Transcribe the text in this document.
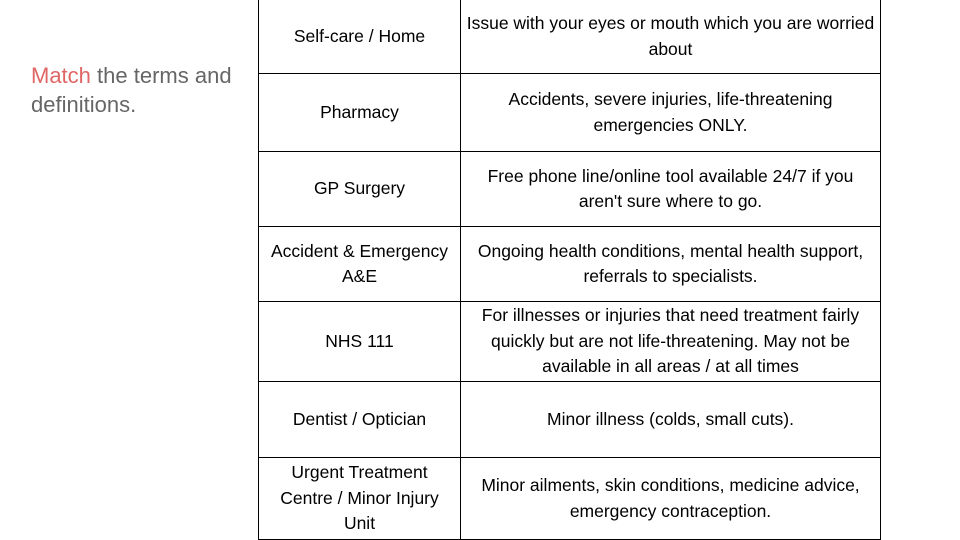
Match the terms and definitions.
Self-care / Home	Issue with your eyes or mouth which you are worried about
Pharmacy	Accidents, severe injuries, life-threatening emergencies ONLY.
GP Surgery	Free phone line/online tool available 24/7 if you aren't sure where to go.
Accident & Emergency A&E	Ongoing health conditions, mental health support, referrals to specialists.
NHS 111	For illnesses or injuries that need treatment fairly quickly but are not life-threatening. May not be available in all areas / at all times
Dentist / Optician	Minor illness (colds, small cuts).
Urgent Treatment Centre / Minor Injury Unit	Minor ailments, skin conditions, medicine advice, emergency contraception.
